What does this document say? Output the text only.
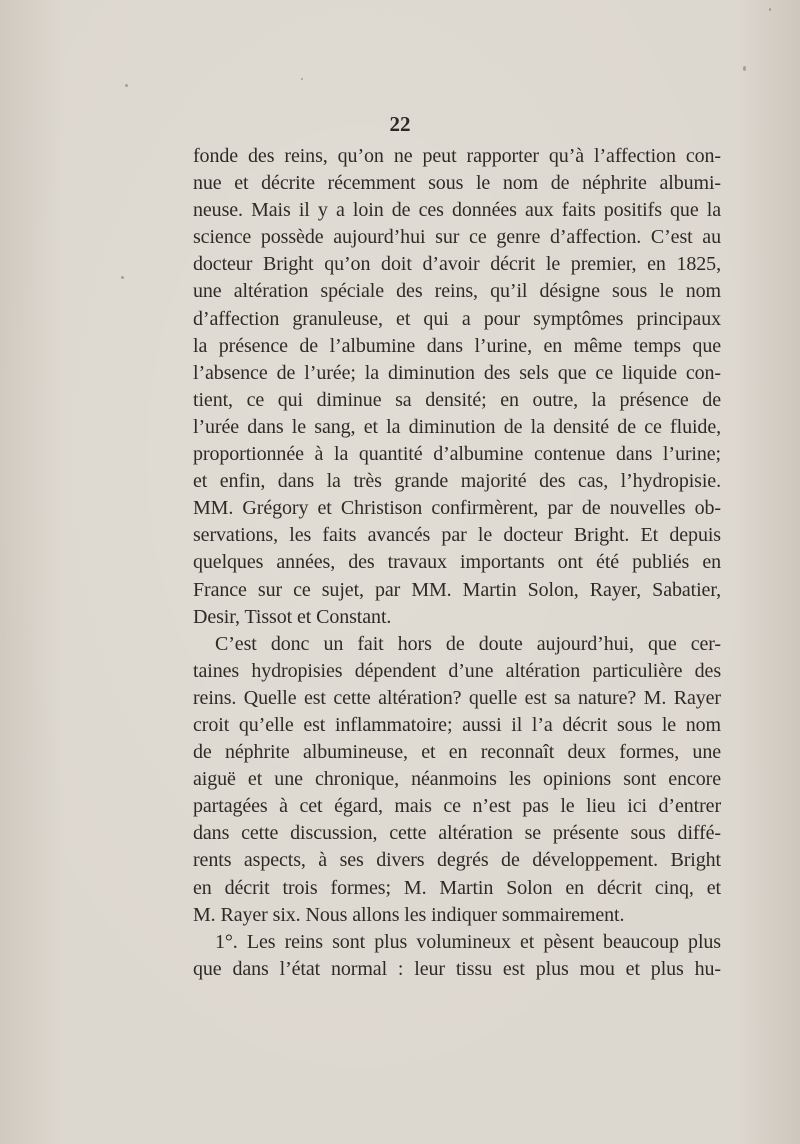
22
fonde des reins, qu’on ne peut rapporter qu’à l’affection con-
nue et décrite récemment sous le nom de néphrite albumi-
neuse. Mais il y a loin de ces données aux faits positifs que la
science possède aujourd’hui sur ce genre d’affection. C’est au
docteur Bright qu’on doit d’avoir décrit le premier, en 1825,
une altération spéciale des reins, qu’il désigne sous le nom
d’affection granuleuse, et qui a pour symptômes principaux
la présence de l’albumine dans l’urine, en même temps que
l’absence de l’urée; la diminution des sels que ce liquide con-
tient, ce qui diminue sa densité; en outre, la présence de
l’urée dans le sang, et la diminution de la densité de ce fluide,
proportionnée à la quantité d’albumine contenue dans l’urine;
et enfin, dans la très grande majorité des cas, l’hydropisie.
MM. Grégory et Christison confirmèrent, par de nouvelles ob-
servations, les faits avancés par le docteur Bright. Et depuis
quelques années, des travaux importants ont été publiés en
France sur ce sujet, par MM. Martin Solon, Rayer, Sabatier,
Desir, Tissot et Constant.
C’est donc un fait hors de doute aujourd’hui, que cer-
taines hydropisies dépendent d’une altération particulière des
reins. Quelle est cette altération? quelle est sa nature? M. Rayer
croit qu’elle est inflammatoire; aussi il l’a décrit sous le nom
de néphrite albumineuse, et en reconnaît deux formes, une
aiguë et une chronique, néanmoins les opinions sont encore
partagées à cet égard, mais ce n’est pas le lieu ici d’entrer
dans cette discussion, cette altération se présente sous diffé-
rents aspects, à ses divers degrés de développement. Bright
en décrit trois formes; M. Martin Solon en décrit cinq, et
M. Rayer six. Nous allons les indiquer sommairement.
1°. Les reins sont plus volumineux et pèsent beaucoup plus
que dans l’état normal : leur tissu est plus mou et plus hu-
